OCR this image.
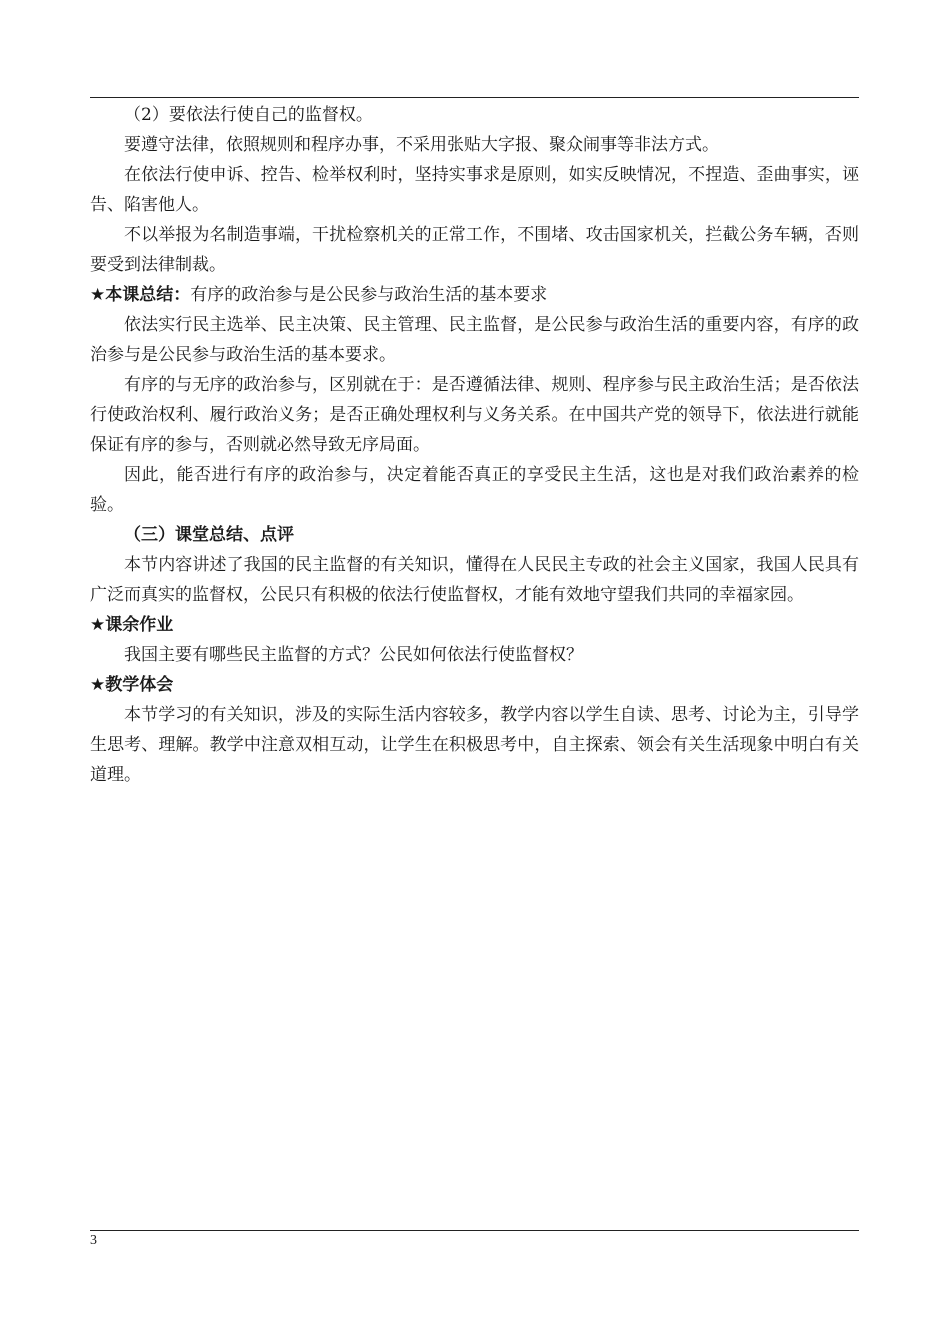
（2）要依法行使自己的监督权。

要遵守法律，依照规则和程序办事，不采用张贴大字报、聚众闹事等非法方式。

在依法行使申诉、控告、检举权利时，坚持实事求是原则，如实反映情况，不捏造、歪曲事实，诬告、陷害他人。

不以举报为名制造事端，干扰检察机关的正常工作，不围堵、攻击国家机关，拦截公务车辆，否则要受到法律制裁。

★本课总结：有序的政治参与是公民参与政治生活的基本要求

依法实行民主选举、民主决策、民主管理、民主监督，是公民参与政治生活的重要内容，有序的政治参与是公民参与政治生活的基本要求。

有序的与无序的政治参与，区别就在于：是否遵循法律、规则、程序参与民主政治生活；是否依法行使政治权利、履行政治义务；是否正确处理权利与义务关系。在中国共产党的领导下，依法进行就能保证有序的参与，否则就必然导致无序局面。

因此，能否进行有序的政治参与，决定着能否真正的享受民主生活，这也是对我们政治素养的检验。

（三）课堂总结、点评

本节内容讲述了我国的民主监督的有关知识，懂得在人民民主专政的社会主义国家，我国人民具有广泛而真实的监督权，公民只有积极的依法行使监督权，才能有效地守望我们共同的幸福家园。

★课余作业

我国主要有哪些民主监督的方式？公民如何依法行使监督权？

★教学体会

本节学习的有关知识，涉及的实际生活内容较多，教学内容以学生自读、思考、讨论为主，引导学生思考、理解。教学中注意双相互动，让学生在积极思考中，自主探索、领会有关生活现象中明白有关道理。

3
